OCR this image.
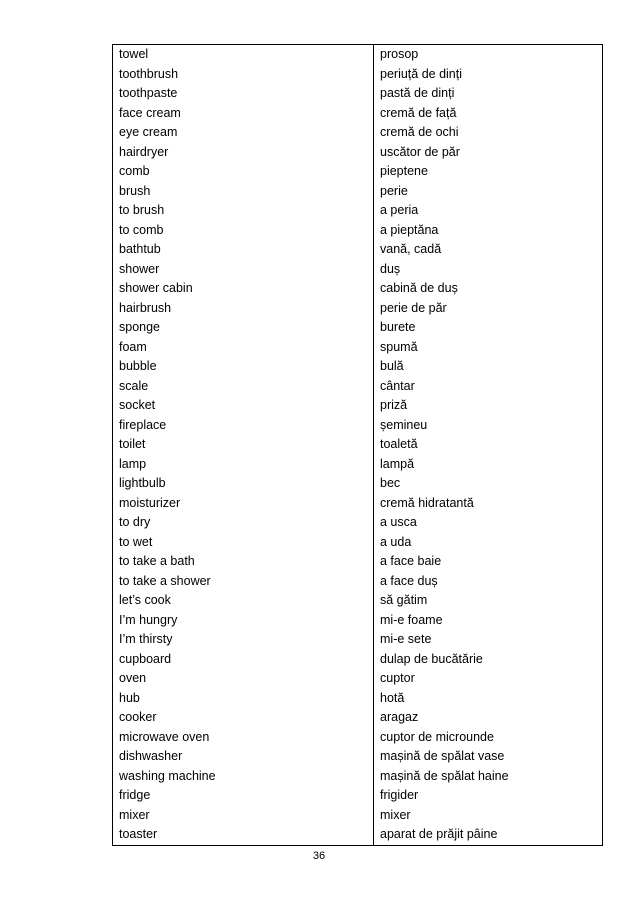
towel	prosop
toothbrush	periuță de dinți
toothpaste	pastă de dinți
face cream	cremă de față
eye cream	cremă de ochi
hairdryer	uscător de păr
comb	pieptene
brush	perie
to brush	a peria
to comb	a pieptăna
bathtub	vană, cadă
shower	duș
shower cabin	cabină de duș
hairbrush	perie de păr
sponge	burete
foam	spumă
bubble	bulă
scale	cântar
socket	priză
fireplace	șemineu
toilet	toaletă
lamp	lampă
lightbulb	bec
moisturizer	cremă hidratantă
to dry	a usca
to wet	a uda
to take a bath	a face baie
to take a shower	a face duș
let’s cook	să gătim
I’m hungry	mi-e foame
I’m thirsty	mi-e sete
cupboard	dulap de bucătărie
oven	cuptor
hub	hotă
cooker	aragaz
microwave oven	cuptor de microunde
dishwasher	mașină de spălat vase
washing machine	mașină de spălat haine
fridge	frigider
mixer	mixer
toaster	aparat de prăjit pâine
36
